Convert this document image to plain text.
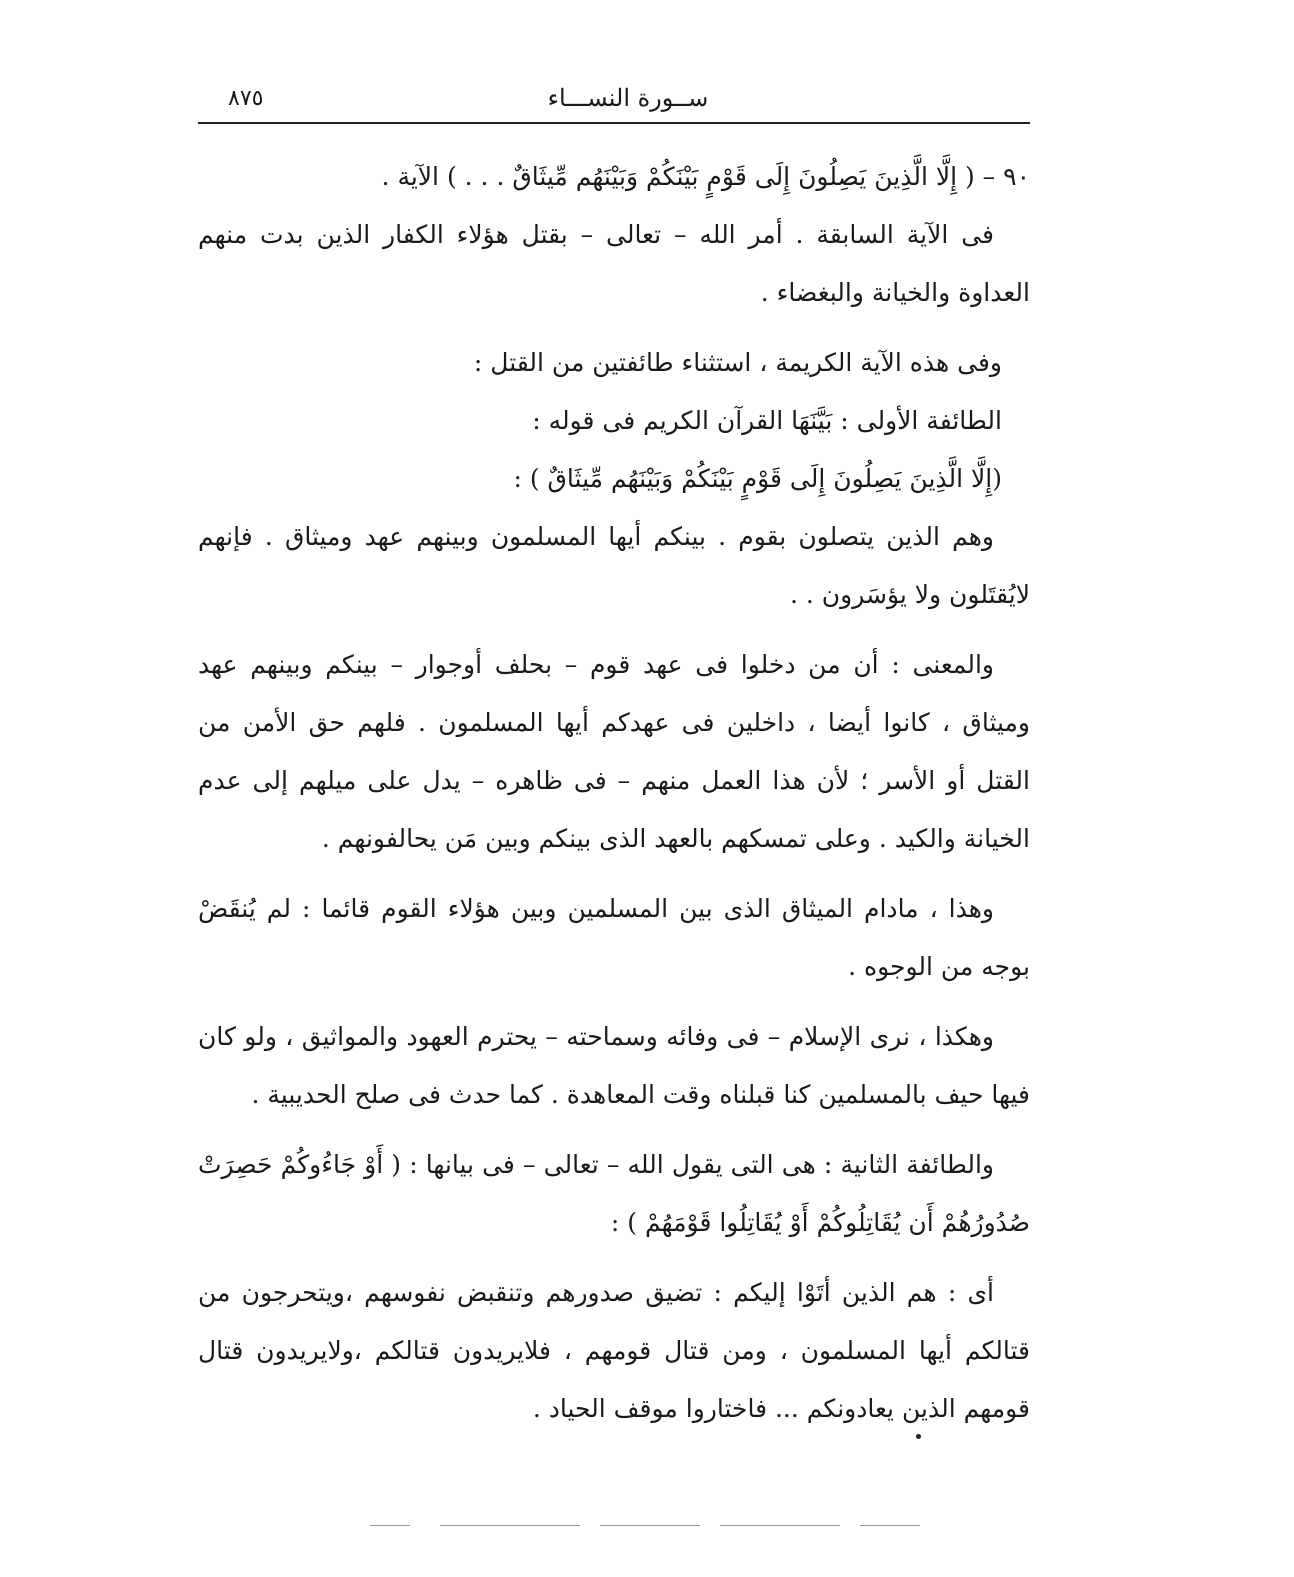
٨٧٥	ســورة النســـاء

٩٠ – ( إِلَّا الَّذِينَ يَصِلُونَ إِلَى قَوْمٍ بَيْنَكُمْ وَبَيْنَهُم مِّيثَاقٌ . . . ) الآية .

فى الآية السابقة . أمر الله – تعالى – بقتل هؤلاء الكفار الذين بدت منهم العداوة والخيانة والبغضاء .

وفى هذه الآية الكريمة ، استثناء طائفتين من القتل :

الطائفة الأولى : بَيَّنَهَا القرآن الكريم فى قوله :

(إِلَّا الَّذِينَ يَصِلُونَ إِلَى قَوْمٍ بَيْنَكُمْ وَبَيْنَهُم مِّيثَاقٌ ) :

وهم الذين يتصلون بقوم . بينكم أيها المسلمون وبينهم عهد وميثاق . فإنهم لايُقتَلون ولا يؤسَرون . .

والمعنى : أن من دخلوا فى عهد قوم – بحلف أوجوار – بينكم وبينهم عهد وميثاق ، كانوا أيضا ، داخلين فى عهدكم أيها المسلمون . فلهم حق الأمن من القتل أو الأسر ؛ لأن هذا العمل منهم – فى ظاهره – يدل على ميلهم إلى عدم الخيانة والكيد . وعلى تمسكهم بالعهد الذى بينكم وبين مَن يحالفونهم .

وهذا ، مادام الميثاق الذى بين المسلمين وبين هؤلاء القوم قائما : لم يُنقَضْ بوجه من الوجوه .

وهكذا ، نرى الإسلام – فى وفائه وسماحته – يحترم العهود والمواثيق ، ولو كان فيها حيف بالمسلمين كنا قبلناه وقت المعاهدة . كما حدث فى صلح الحديبية .

والطائفة الثانية : هى التى يقول الله – تعالى – فى بيانها : ( أَوْ جَاءُوكُمْ حَصِرَتْ صُدُورُهُمْ أَن يُقَاتِلُوكُمْ أَوْ يُقَاتِلُوا قَوْمَهُمْ ) :

أى : هم الذين أتَوْا إليكم : تضيق صدورهم وتنقبض نفوسهم ،ويتحرجون من قتالكم أيها المسلمون ، ومن قتال قومهم ، فلايريدون قتالكم ،ولايريدون قتال قومهم الذين يعادونكم ... فاختاروا موقف الحياد .
